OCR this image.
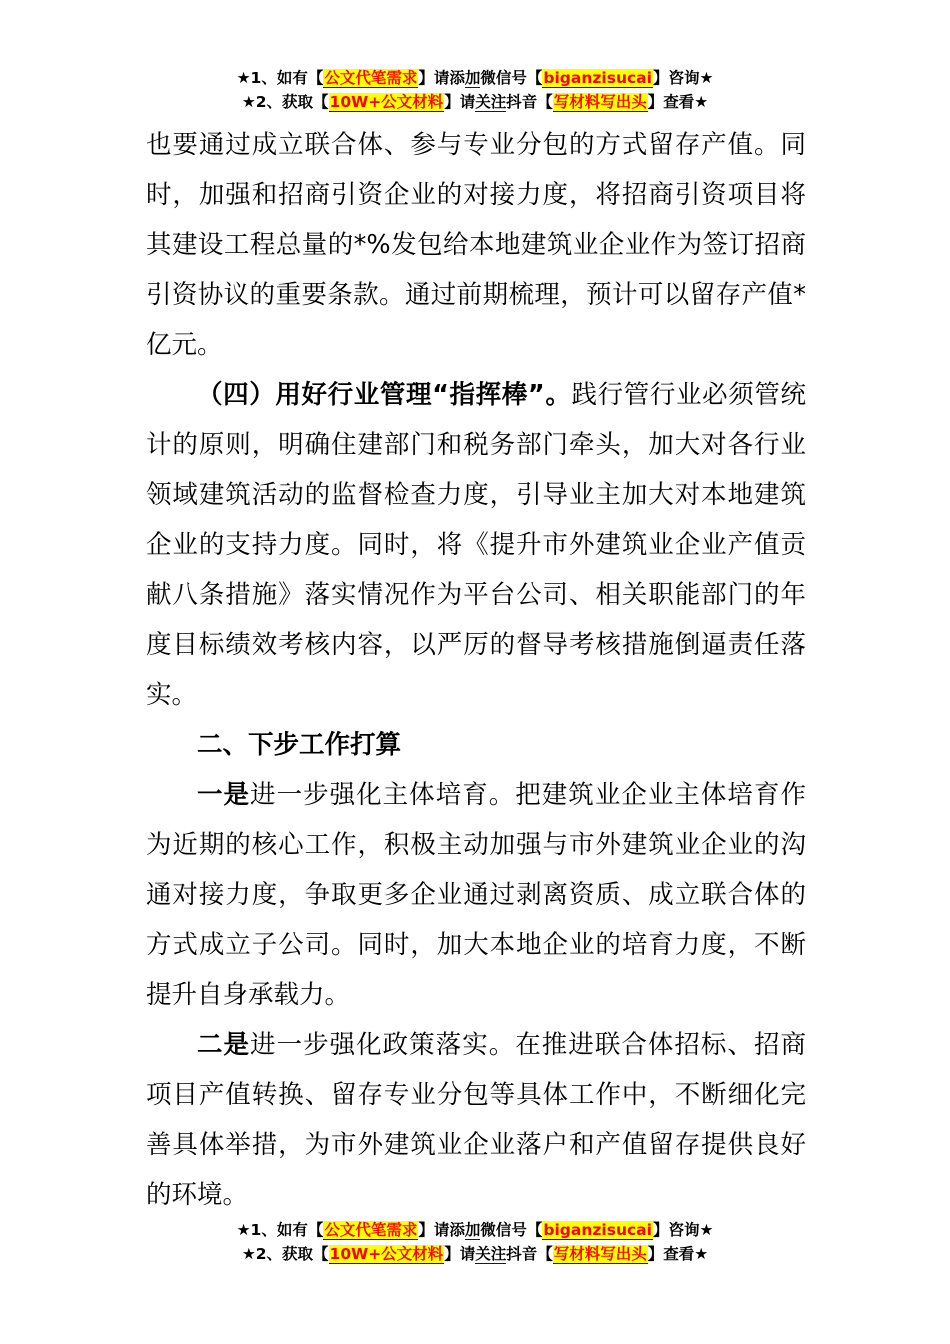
★1、如有【公文代笔需求】请添加微信号【biganzisucai】咨询★
★2、获取【10W+公文材料】请关注抖音【写材料写出头】查看★

也要通过成立联合体、参与专业分包的方式留存产值。同时，加强和招商引资企业的对接力度，将招商引资项目将其建设工程总量的*%发包给本地建筑业企业作为签订招商引资协议的重要条款。通过前期梳理，预计可以留存产值*亿元。

（四）用好行业管理“指挥棒”。践行管行业必须管统计的原则，明确住建部门和税务部门牵头，加大对各行业领域建筑活动的监督检查力度，引导业主加大对本地建筑企业的支持力度。同时，将《提升市外建筑业企业产值贡献八条措施》落实情况作为平台公司、相关职能部门的年度目标绩效考核内容，以严厉的督导考核措施倒逼责任落实。

二、下步工作打算

一是进一步强化主体培育。把建筑业企业主体培育作为近期的核心工作，积极主动加强与市外建筑业企业的沟通对接力度，争取更多企业通过剥离资质、成立联合体的方式成立子公司。同时，加大本地企业的培育力度，不断提升自身承载力。

二是进一步强化政策落实。在推进联合体招标、招商项目产值转换、留存专业分包等具体工作中，不断细化完善具体举措，为市外建筑业企业落户和产值留存提供良好的环境。

★1、如有【公文代笔需求】请添加微信号【biganzisucai】咨询★
★2、获取【10W+公文材料】请关注抖音【写材料写出头】查看★
